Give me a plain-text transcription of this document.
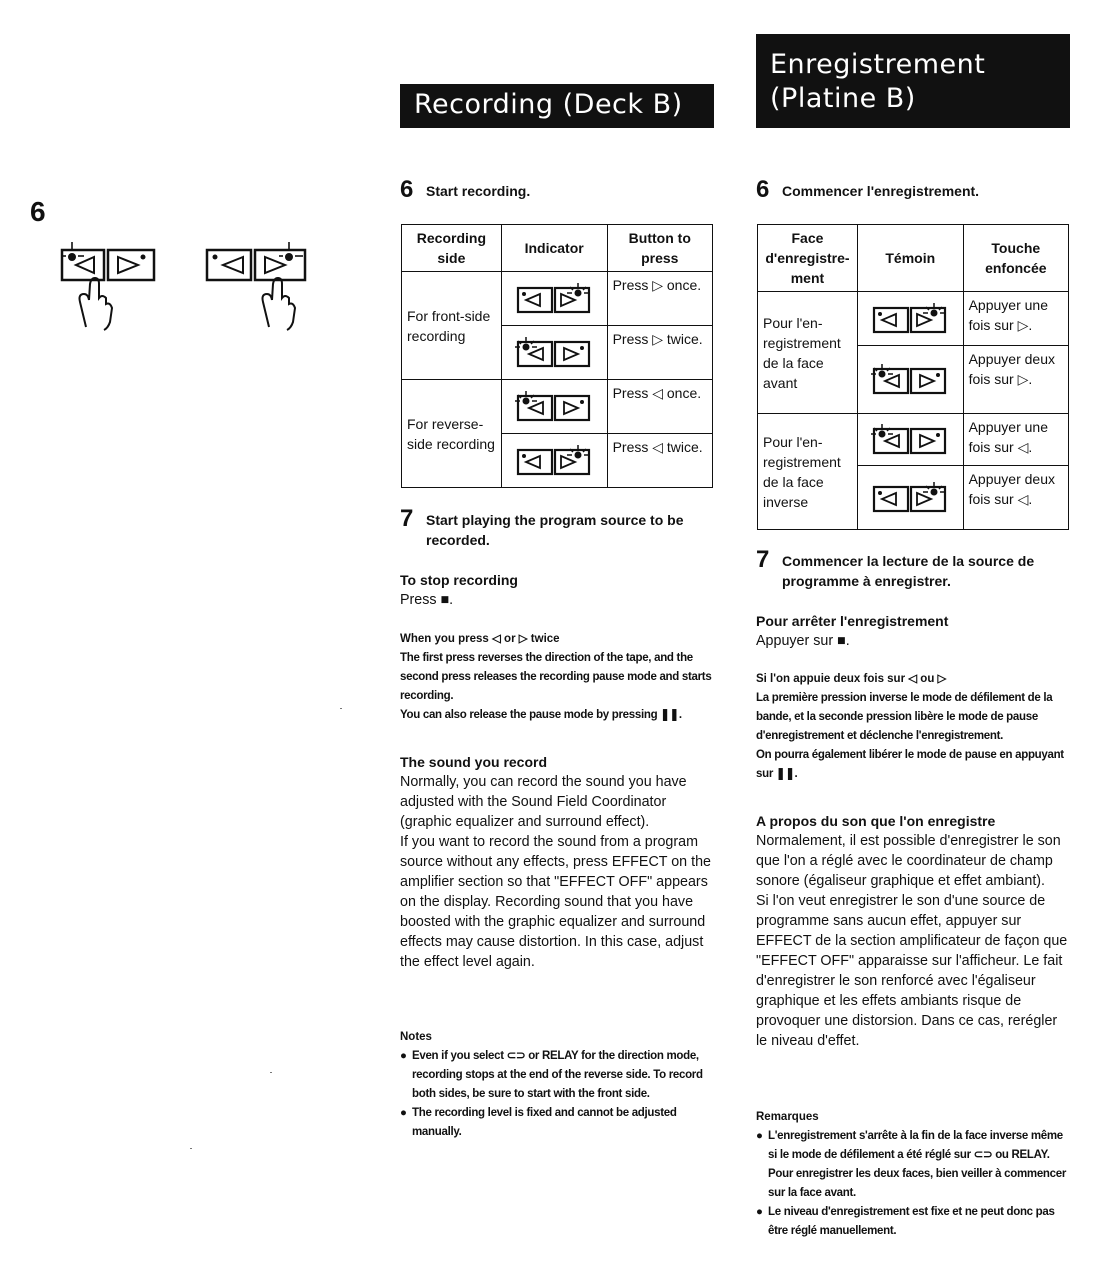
6
Recording (Deck B)
6 Start recording.
Recording side	Indicator	Button to press
For front-side recording		Press ▷ once.

	Press ▷ twice.
For reverse-side recording		Press ◁ once.

	Press ◁ twice.
7 Start playing the program source to be recorded.
To stop recording
Press ■.
When you press ◁ or ▷ twice

The first press reverses the direction of the tape, and the second press releases the recording pause mode and starts recording.

You can also release the pause mode by pressing ❚❚.

The sound you record

Normally, you can record the sound you have adjusted with the Sound Field Coordinator (graphic equalizer and surround effect).

If you want to record the sound from a program source without any effects, press EFFECT on the amplifier section so that "EFFECT OFF" appears on the display. Recording sound that you have boosted with the graphic equalizer and surround effects may cause distortion. In this case, adjust the effect level again.

Notes
● Even if you select ⊂⊃ or RELAY for the direction mode, recording stops at the end of the reverse side. To record both sides, be sure to start with the front side.
● The recording level is fixed and cannot be adjusted manually.
Enregistrement
(Platine B)
6 Commencer l'enregistrement.
Face d'enregistre-ment	Témoin	Touche enfoncée
Pour l'en-registrement de la face avant		Appuyer une fois sur ▷.

	Appuyer deux fois sur ▷.
Pour l'en-registrement de la face inverse		Appuyer une fois sur ◁.

	Appuyer deux fois sur ◁.
7 Commencer la lecture de la source de programme à enregistrer.
Pour arrêter l'enregistrement
Appuyer sur ■.
Si l'on appuie deux fois sur ◁ ou ▷

La première pression inverse le mode de défilement de la bande, et la seconde pression libère le mode de pause d'enregistrement et déclenche l'enregistrement.

On pourra également libérer le mode de pause en appuyant sur ❚❚.

A propos du son que l'on enregistre

Normalement, il est possible d'enregistrer le son que l'on a réglé avec le coordinateur de champ sonore (égaliseur graphique et effet ambiant).

Si l'on veut enregistrer le son d'une source de programme sans aucun effet, appuyer sur EFFECT de la section amplificateur de façon que "EFFECT OFF" apparaisse sur l'afficheur. Le fait d'enregistrer le son renforcé avec l'égaliseur graphique et les effets ambiants risque de provoquer une distorsion. Dans ce cas, rerégler le niveau d'effet.

Remarques
● L'enregistrement s'arrête à la fin de la face inverse même si le mode de défilement a été réglé sur ⊂⊃ ou RELAY. Pour enregistrer les deux faces, bien veiller à commencer sur la face avant.
● Le niveau d'enregistrement est fixe et ne peut donc pas être réglé manuellement.
